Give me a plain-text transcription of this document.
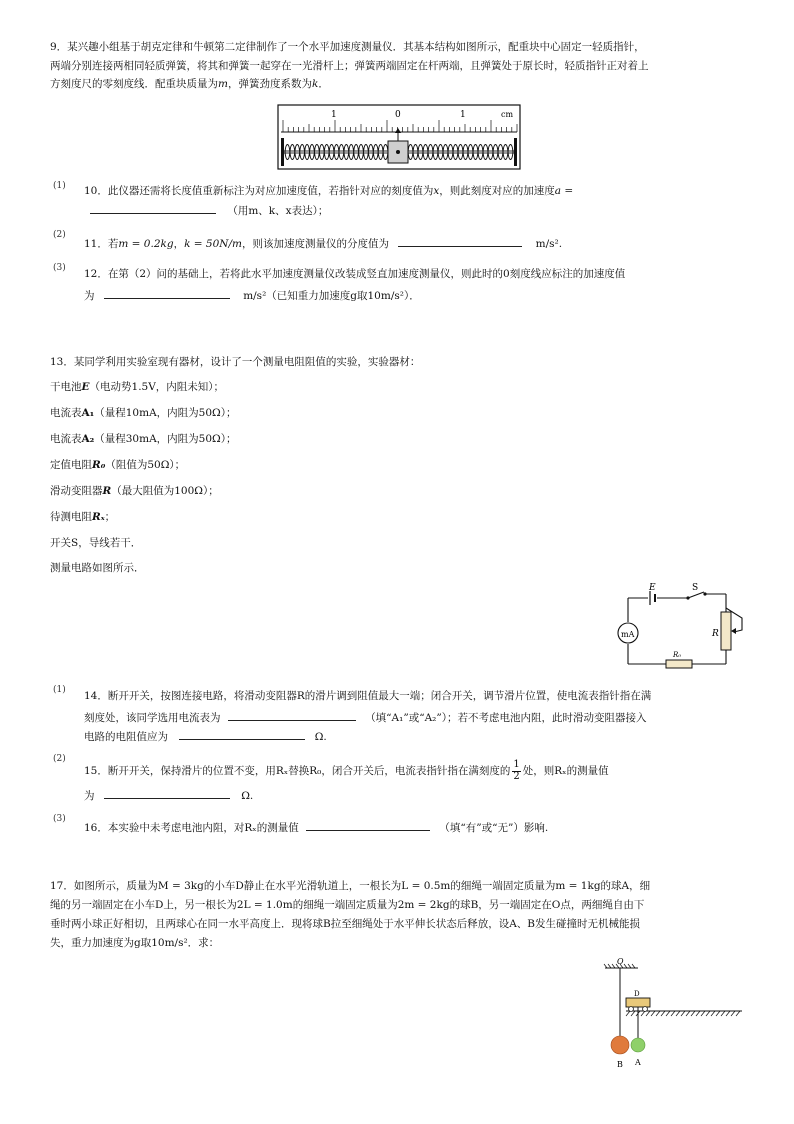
9．某兴趣小组基于胡克定律和牛顿第二定律制作了一个水平加速度测量仪．其基本结构如图所示，配重块中心固定一轻质指针，
两端分别连接两相同轻质弹簧，将其和弹簧一起穿在一光滑杆上；弹簧两端固定在杆两端，且弹簧处于原长时，轻质指针正对着上
方刻度尺的零刻度线．配重块质量为m，弹簧劲度系数为k．
1	0	1	cm
(1) 10．此仪器还需将长度值重新标注为对应加速度值，若指针对应的刻度值为x，则此刻度对应的加速度a =
（用m、k、x表达）；
(2)
11．若m = 0.2kg，k = 50N/m，则该加速度测量仪的分度值为	m/s².
(3) 12．在第（2）问的基础上，若将此水平加速度测量仪改装成竖直加速度测量仪，则此时的0刻度线应标注的加速度值
为	m/s²（已知重力加速度g取10m/s²）．
13．某同学利用实验室现有器材，设计了一个测量电阻阻值的实验，实验器材：
干电池E（电动势1.5V，内阻未知）；
电流表A₁（量程10mA，内阻为50Ω）；
电流表A₂（量程30mA，内阻为50Ω）；
定值电阻R₀（阻值为50Ω）；
滑动变阻器R（最大阻值为100Ω）；
待测电阻Rₓ；
开关S，导线若干．
测量电路如图所示．
mA
E	S
R
R₀
(1) 14．断开开关，按图连接电路，将滑动变阻器R的滑片调到阻值最大一端；闭合开关，调节滑片位置，使电流表指针指在满
刻度处，该同学选用电流表为	（填“A₁”或“A₂”）；若不考虑电池内阻，此时滑动变阻器接入
电路的电阻值应为	Ω.
(2)
15．断开开关，保持滑片的位置不变，用Rₓ替换R₀，闭合开关后，电流表指针指在满刻度的 $\frac{1}{2}$ 处，则Rₓ的测量值
为	Ω.
(3)
16．本实验中未考虑电池内阻，对Rₓ的测量值	（填“有”或“无”）影响.
17．如图所示，质量为M = 3kg的小车D静止在水平光滑轨道上，一根长为L = 0.5m的细绳一端固定质量为m = 1kg的球A，细
绳的另一端固定在小车D上，另一根长为2L = 1.0m的细绳一端固定质量为2m = 2kg的球B，另一端固定在O点，两细绳自由下
垂时两小球正好相切，且两球心在同一水平高度上．现将球B拉至细绳处于水平伸长状态后释放，设A、B发生碰撞时无机械能损
失，重力加速度为g取10m/s²．求：
O
D
B A
